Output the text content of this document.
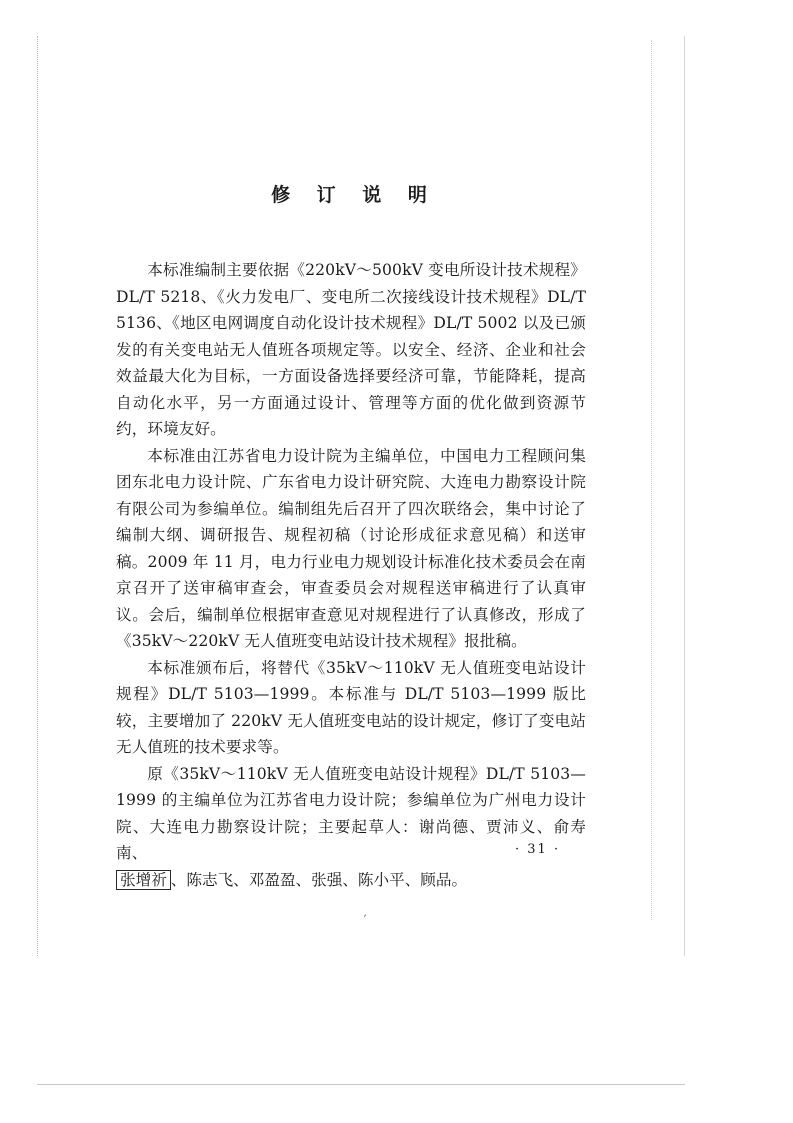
修 订 说 明

本标准编制主要依据《220kV～500kV 变电所设计技术规程》DL/T 5218、《火力发电厂、变电所二次接线设计技术规程》DL/T 5136、《地区电网调度自动化设计技术规程》DL/T 5002 以及已颁发的有关变电站无人值班各项规定等。以安全、经济、企业和社会效益最大化为目标，一方面设备选择要经济可靠，节能降耗，提高自动化水平，另一方面通过设计、管理等方面的优化做到资源节约，环境友好。

本标准由江苏省电力设计院为主编单位，中国电力工程顾问集团东北电力设计院、广东省电力设计研究院、大连电力勘察设计院有限公司为参编单位。编制组先后召开了四次联络会，集中讨论了编制大纲、调研报告、规程初稿（讨论形成征求意见稿）和送审稿。2009 年 11 月，电力行业电力规划设计标准化技术委员会在南京召开了送审稿审查会，审查委员会对规程送审稿进行了认真审议。会后，编制单位根据审查意见对规程进行了认真修改，形成了《35kV～220kV 无人值班变电站设计技术规程》报批稿。

本标准颁布后，将替代《35kV～110kV 无人值班变电站设计规程》DL/T 5103—1999。本标准与 DL/T 5103—1999 版比较，主要增加了 220kV 无人值班变电站的设计规定，修订了变电站无人值班的技术要求等。

原《35kV～110kV 无人值班变电站设计规程》DL/T 5103—1999 的主编单位为江苏省电力设计院；参编单位为广州电力设计院、大连电力勘察设计院；主要起草人：谢尚德、贾沛义、俞寿南、

张增祈 、陈志飞、邓盈盈、张强、陈小平、顾品。

· 31 ·
ʼ
